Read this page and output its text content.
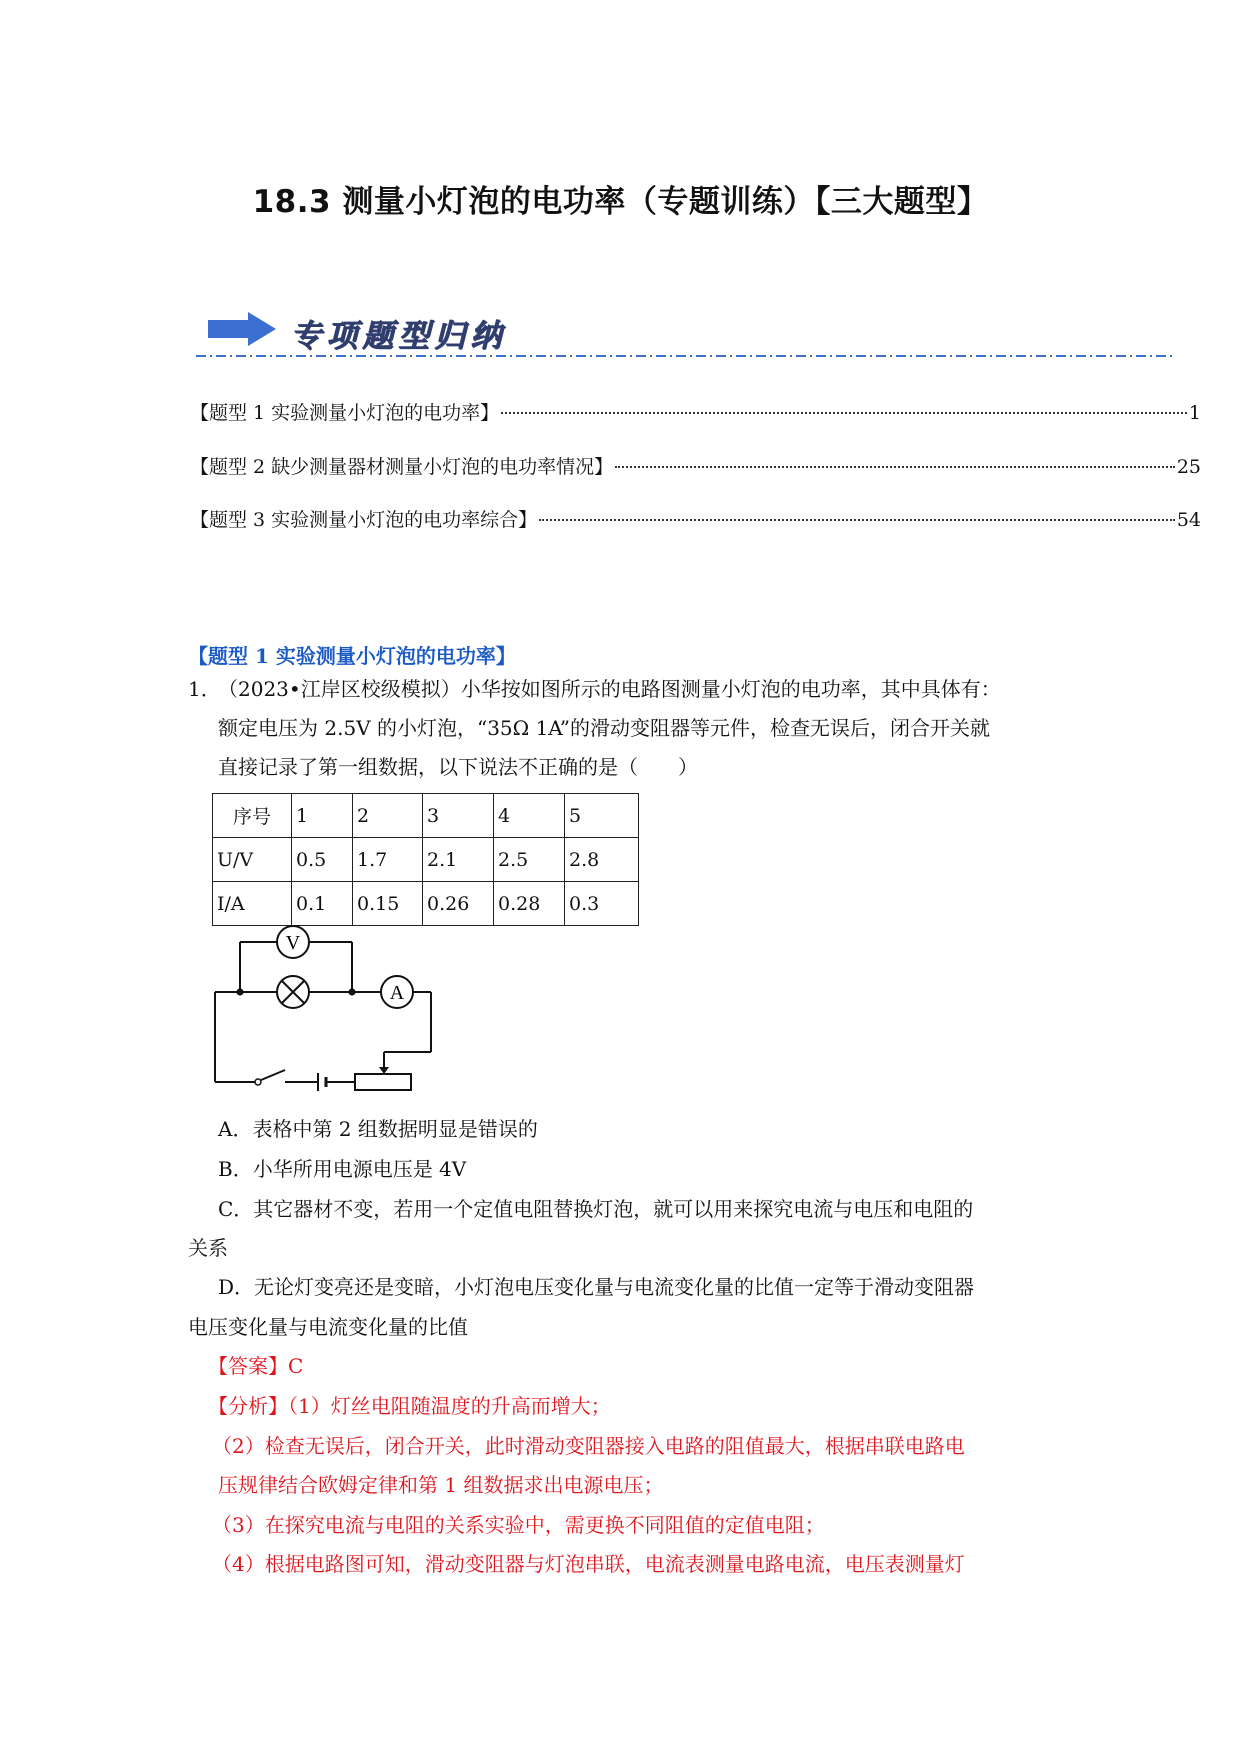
18.3 测量小灯泡的电功率（专题训练）【三大题型】
专项题型归纳
【题型 1 实验测量小灯泡的电功率】	1
【题型 2 缺少测量器材测量小灯泡的电功率情况】	25
【题型 3 实验测量小灯泡的电功率综合】	54
【题型 1 实验测量小灯泡的电功率】
1．
（2023•江岸区校级模拟）小华按如图所示的电路图测量小灯泡的电功率，其中具体有：
额定电压为 2.5V 的小灯泡，“35Ω 1A”的滑动变阻器等元件，检查无误后，闭合开关就
直接记录了第一组数据，以下说法不正确的是（　　）
序号	1	2	3	4	5
U/V	0.5	1.7	2.1	2.5	2.8
I/A	0.1	0.15	0.26	0.28	0.3
V
A
A．表格中第 2 组数据明显是错误的
B．小华所用电源电压是 4V
C．其它器材不变，若用一个定值电阻替换灯泡，就可以用来探究电流与电压和电阻的
关系
D．无论灯变亮还是变暗，小灯泡电压变化量与电流变化量的比值一定等于滑动变阻器
电压变化量与电流变化量的比值
【答案】C
【分析】（1）灯丝电阻随温度的升高而增大；
（2）检查无误后，闭合开关，此时滑动变阻器接入电路的阻值最大，根据串联电路电
压规律结合欧姆定律和第 1 组数据求出电源电压；
（3）在探究电流与电阻的关系实验中，需更换不同阻值的定值电阻；
（4）根据电路图可知，滑动变阻器与灯泡串联，电流表测量电路电流，电压表测量灯
